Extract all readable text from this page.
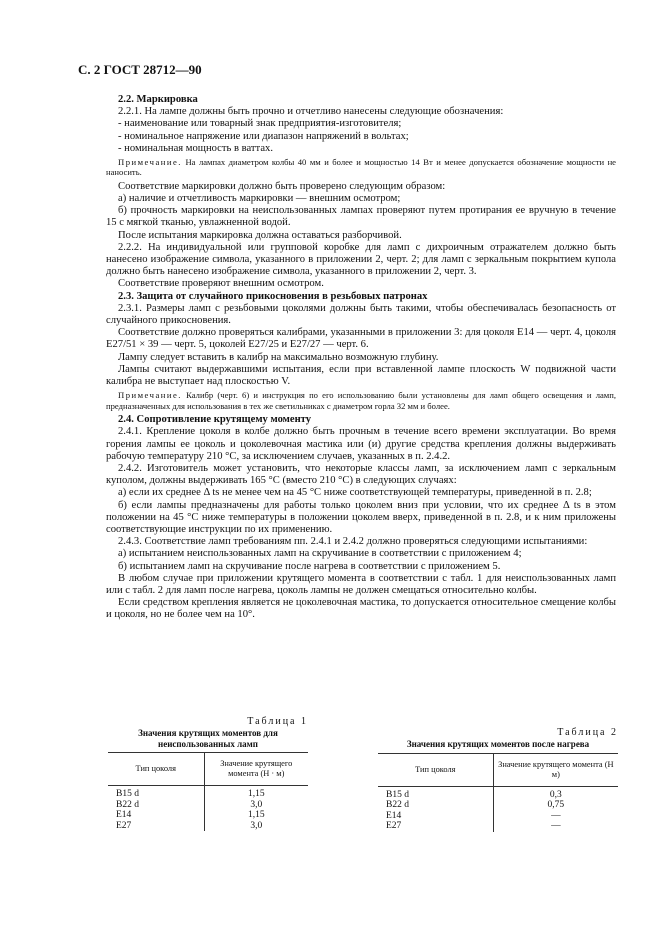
С. 2 ГОСТ 28712—90

2.2. Маркировка

2.2.1. На лампе должны быть прочно и отчетливо нанесены следующие обозначения:

- наименование или товарный знак предприятия-изготовителя;

- номинальное напряжение или диапазон напряжений в вольтах;

- номинальная мощность в ваттах.

Примечание. На лампах диаметром колбы 40 мм и более и мощностью 14 Вт и менее допускается обозначение мощности не наносить.

Соответствие маркировки должно быть проверено следующим образом:

а) наличие и отчетливость маркировки — внешним осмотром;

б) прочность маркировки на неиспользованных лампах проверяют путем протирания ее вручную в течение 15 с мягкой тканью, увлажненной водой.

После испытания маркировка должна оставаться разборчивой.

2.2.2. На индивидуальной или групповой коробке для ламп с дихроичным отражателем должно быть нанесено изображение символа, указанного в приложении 2, черт. 2; для ламп с зеркальным покрытием купола должно быть нанесено изображение символа, указанного в приложении 2, черт. 3.

Соответствие проверяют внешним осмотром.

2.3. Защита от случайного прикосновения в резьбовых патронах

2.3.1. Размеры ламп с резьбовыми цоколями должны быть такими, чтобы обеспечивалась безопасность от случайного прикосновения.

Соответствие должно проверяться калибрами, указанными в приложении 3: для цоколя Е14 — черт. 4, цоколя Е27/51 × 39 — черт. 5, цоколей Е27/25 и Е27/27 — черт. 6.

Лампу следует вставить в калибр на максимально возможную глубину.

Лампы считают выдержавшими испытания, если при вставленной лампе плоскость W подвижной части калибра не выступает над плоскостью V.

Примечание. Калибр (черт. 6) и инструкция по его использованию были установлены для ламп общего освещения и ламп, предназначенных для использования в тех же светильниках с диаметром горла 32 мм и более.

2.4. Сопротивление крутящему моменту

2.4.1. Крепление цоколя в колбе должно быть прочным в течение всего времени эксплуатации. Во время горения лампы ее цоколь и цоколевочная мастика или (и) другие средства крепления должны выдерживать рабочую температуру 210 °С, за исключением случаев, указанных в п. 2.4.2.

2.4.2. Изготовитель может установить, что некоторые классы ламп, за исключением ламп с зеркальным куполом, должны выдерживать 165 °С (вместо 210 °С) в следующих случаях:

а) если их среднее Δ ts не менее чем на 45 °С ниже соответствующей температуры, приведенной в п. 2.8;

б) если лампы предназначены для работы только цоколем вниз при условии, что их среднее Δ ts в этом положении на 45 °С ниже температуры в положении цоколем вверх, приведенной в п. 2.8, и к ним приложены соответствующие инструкции по их применению.

2.4.3. Соответствие ламп требованиям пп. 2.4.1 и 2.4.2 должно проверяться следующими испытаниями:

а) испытанием неиспользованных ламп на скручивание в соответствии с приложением 4;

б) испытанием ламп на скручивание после нагрева в соответствии с приложением 5.

В любом случае при приложении крутящего момента в соответствии с табл. 1 для неиспользованных ламп или с табл. 2 для ламп после нагрева, цоколь лампы не должен смещаться относительно колбы.

Если средством крепления является не цоколевочная мастика, то допускается относительное смещение колбы и цоколя, но не более чем на 10°.

Таблица 1
Значения крутящих моментов для неиспользованных ламп
Тип цоколя	Значение крутящего момента (Н · м)
В15 d	1,15
В22 d	3,0
Е14	1,15
Е27	3,0
Таблица 2
Значения крутящих моментов после нагрева
Тип цоколя	Значение крутящего момента (Н м)
В15 d	0,3
В22 d	0,75
Е14	—
Е27	—
